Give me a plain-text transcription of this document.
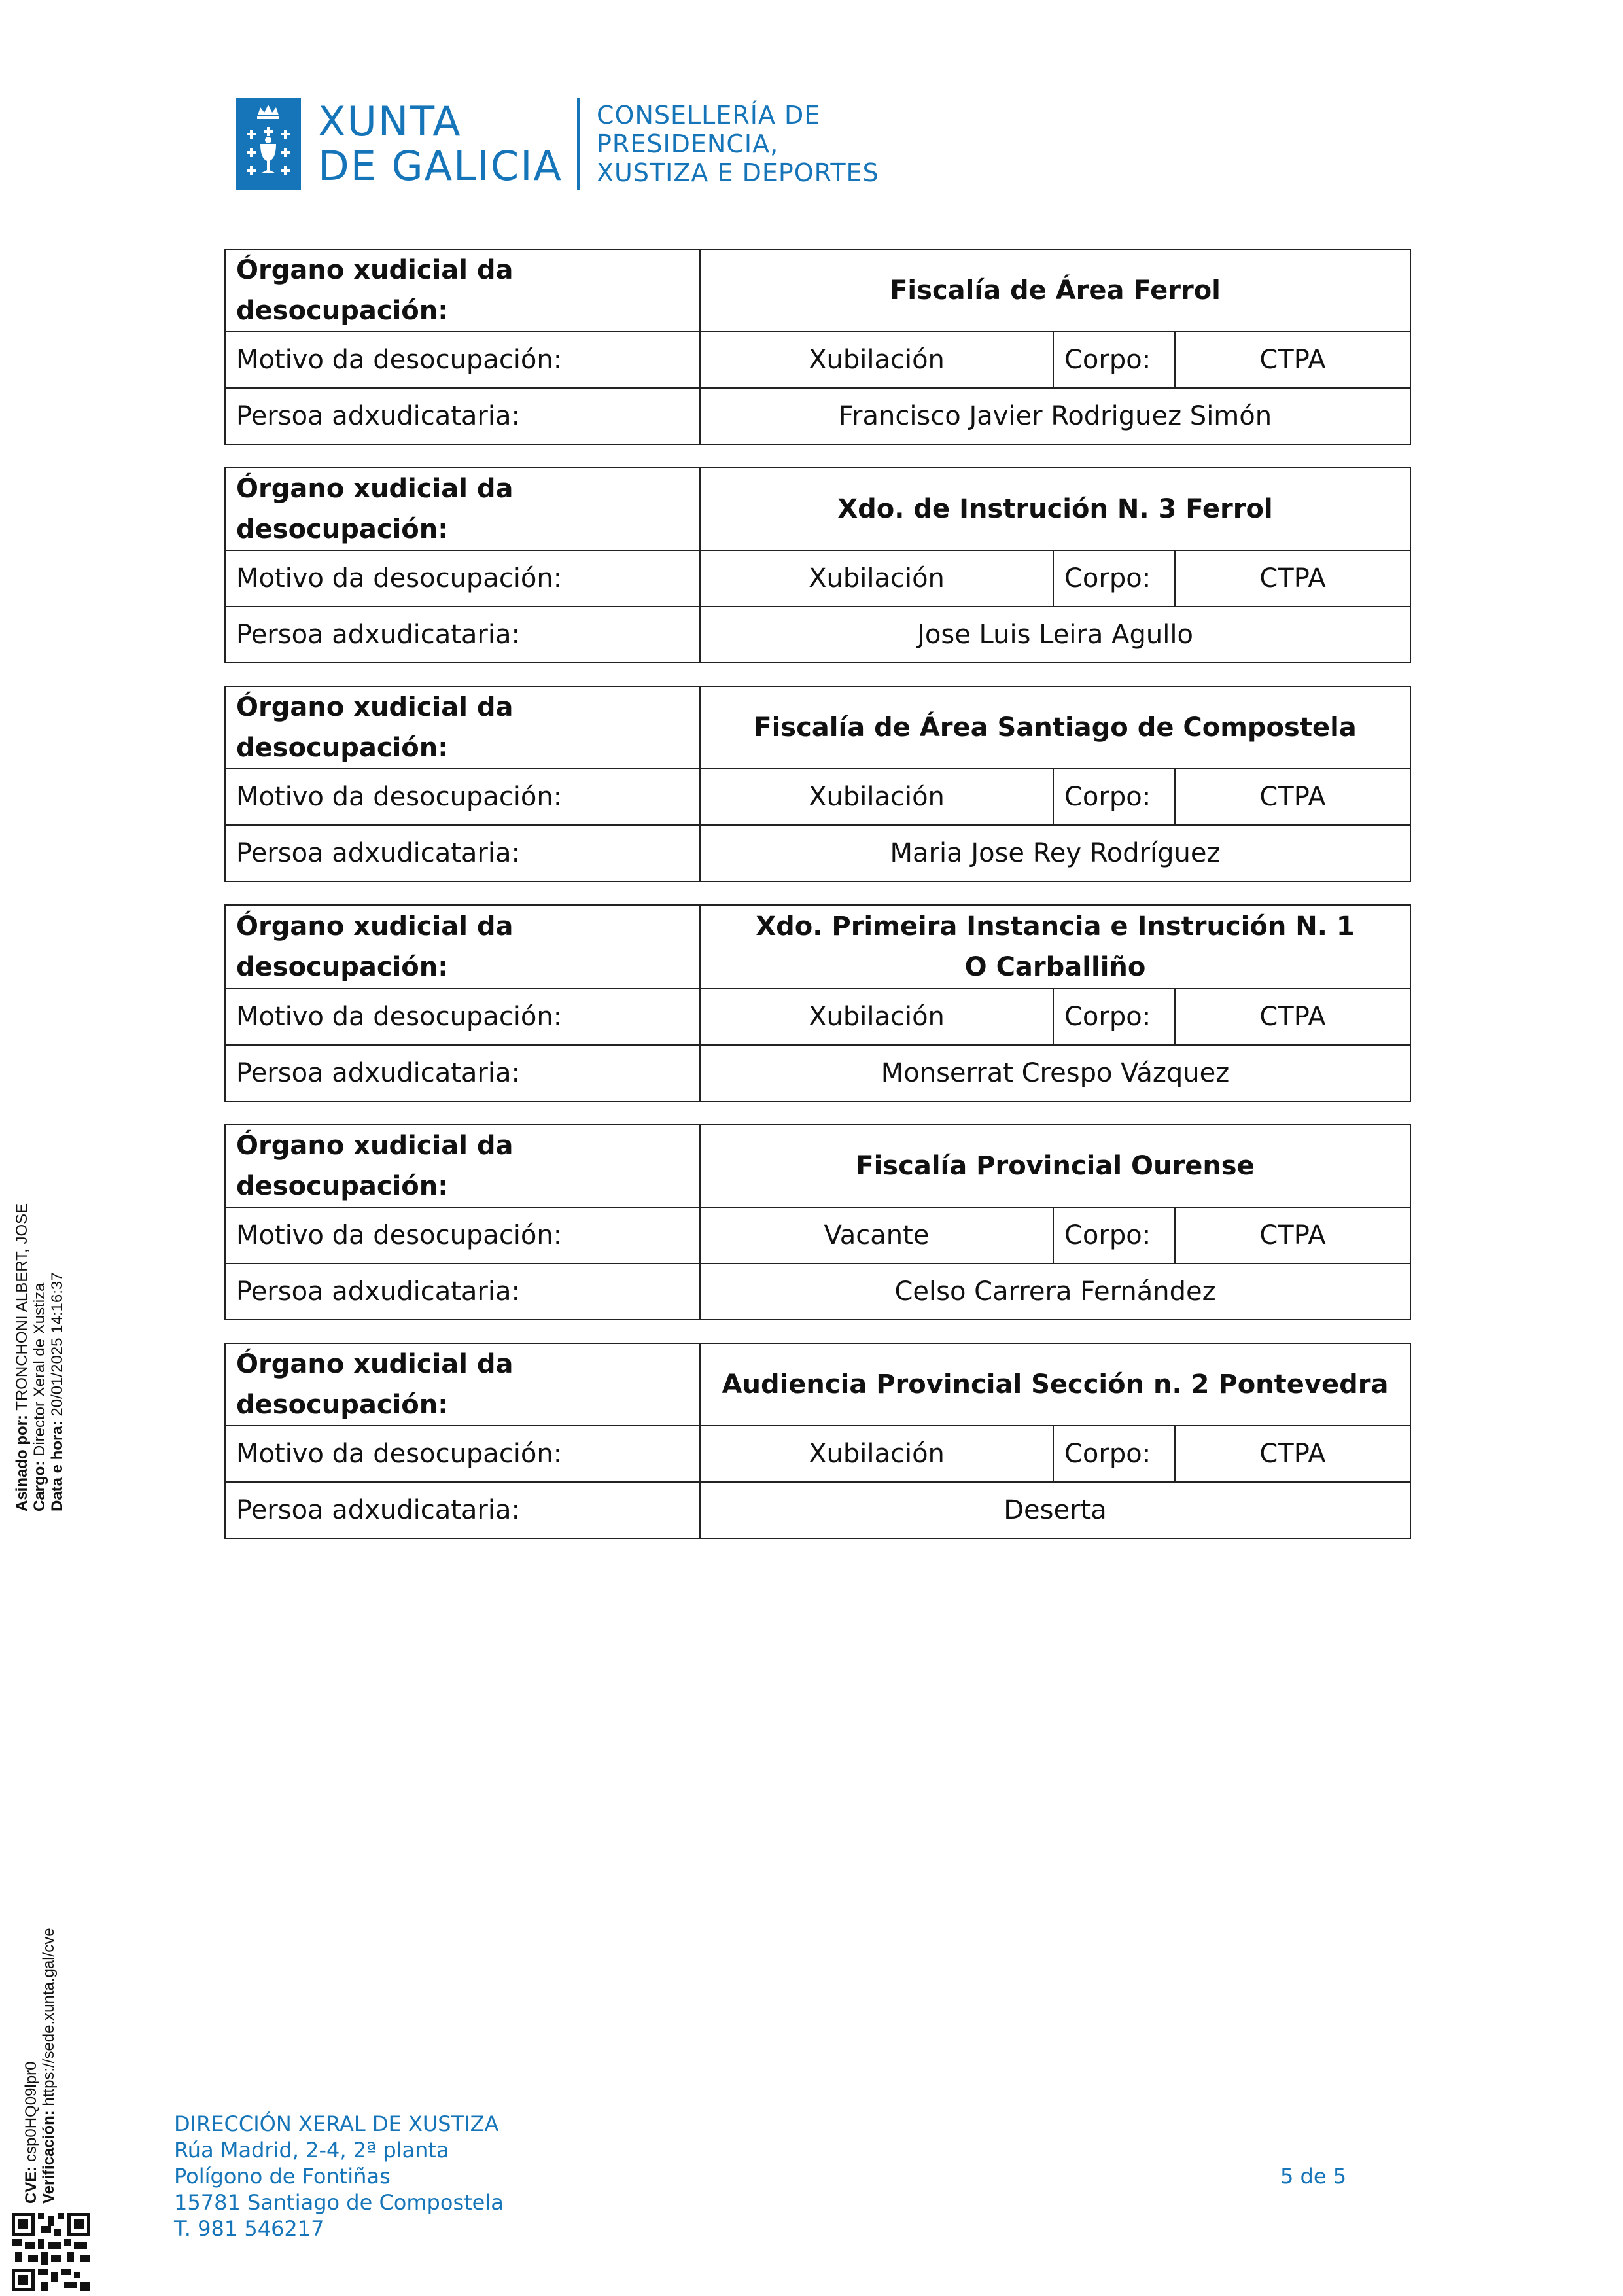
XUNTA
DE GALICIA
CONSELLERÍA DE
PRESIDENCIA,
XUSTIZA E DEPORTES
Órgano xudicial da desocupación:	Fiscalía de Área Ferrol		

Motivo da desocupación:	Xubilación	Corpo:	CTPA
Persoa adxudicataria:	Francisco Javier Rodriguez Simón		
Órgano xudicial da desocupación:	Xdo. de Instrución N. 3 Ferrol		

Motivo da desocupación:	Xubilación	Corpo:	CTPA
Persoa adxudicataria:	Jose Luis Leira Agullo		
Órgano xudicial da desocupación:	Fiscalía de Área Santiago de Compostela		

Motivo da desocupación:	Xubilación	Corpo:	CTPA
Persoa adxudicataria:	Maria Jose Rey Rodríguez		
Órgano xudicial da desocupación:	Xdo. Primeira Instancia e Instrución N. 1
O Carballiño		

Motivo da desocupación:	Xubilación	Corpo:	CTPA
Persoa adxudicataria:	Monserrat Crespo Vázquez		
Órgano xudicial da desocupación:	Fiscalía Provincial Ourense		

Motivo da desocupación:	Vacante	Corpo:	CTPA
Persoa adxudicataria:	Celso Carrera Fernández		
Órgano xudicial da desocupación:	Audiencia Provincial Sección n. 2 Pontevedra		

Motivo da desocupación:	Xubilación	Corpo:	CTPA
Persoa adxudicataria:	Deserta		
Asinado por: TRONCHONI ALBERT, JOSE
Cargo: Director Xeral de Xustiza
Data e hora: 20/01/2025 14:16:37
CVE: csp0HQ09lpr0 Verificación: https://sede.xunta.gal/cve
DIRECCIÓN XERAL DE XUSTIZA
Rúa Madrid, 2-4, 2ª planta
Polígono de Fontiñas
15781 Santiago de Compostela
T. 981 546217
5 de 5
